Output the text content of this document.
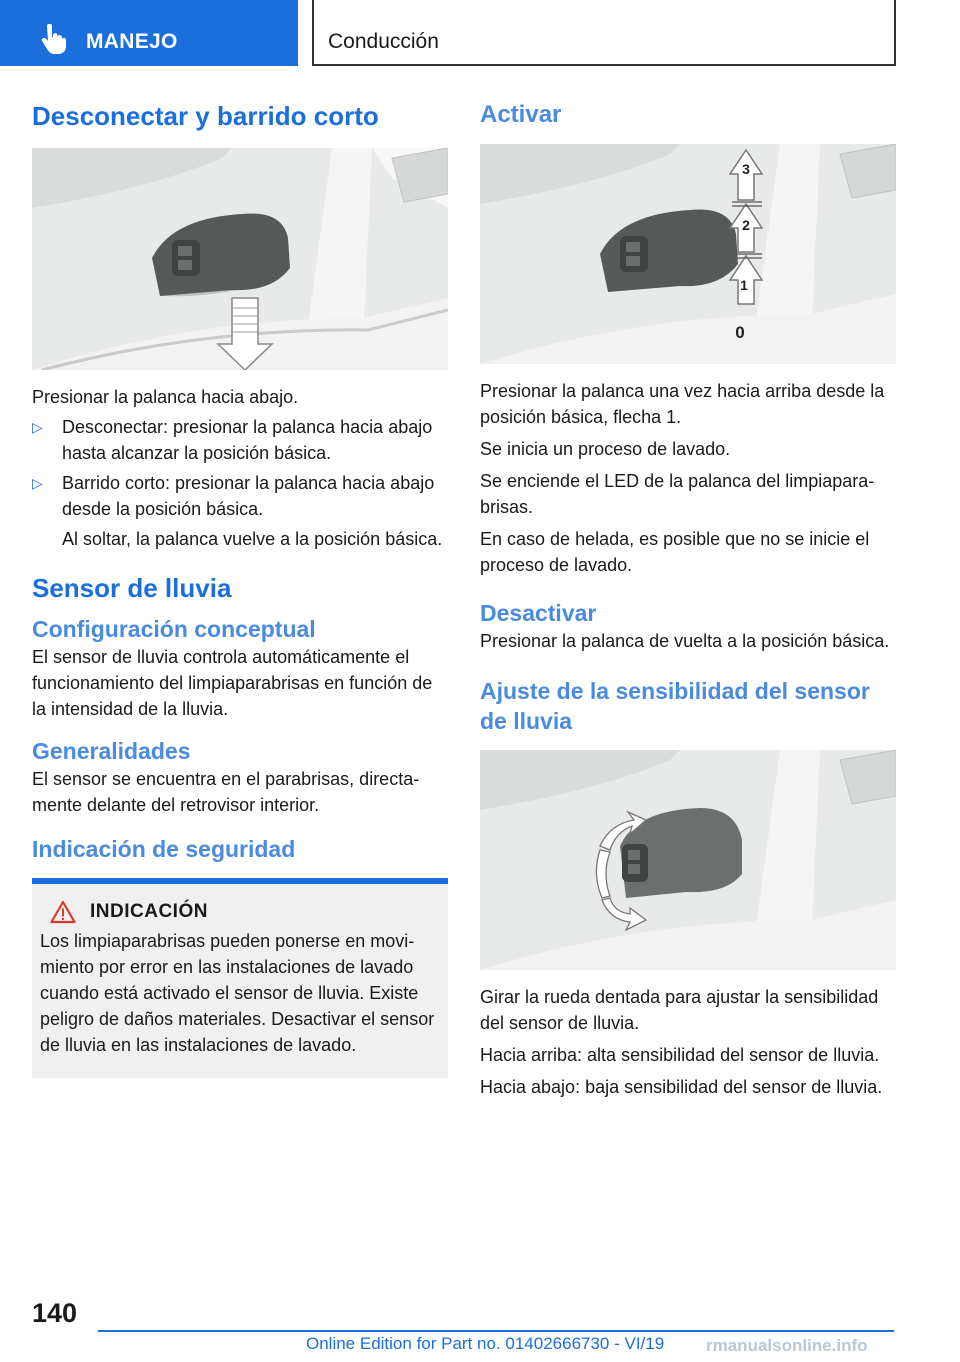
MANEJO	Conducción
Desconectar y barrido corto
Presionar la palanca hacia abajo.
▷ Desconectar: presionar la palanca hacia abajo hasta alcanzar la posición básica.
▷ Barrido corto: presionar la palanca hacia abajo desde la posición básica.
Al soltar, la palanca vuelve a la posición básica.
Sensor de lluvia
Configuración conceptual
El sensor de lluvia controla automáticamente el funcionamiento del limpiaparabrisas en función de la intensidad de la lluvia.
Generalidades
El sensor se encuentra en el parabrisas, directamente delante del retrovisor interior.
Indicación de seguridad
INDICACIÓN
Los limpiaparabrisas pueden ponerse en movimiento por error en las instalaciones de lavado cuando está activado el sensor de lluvia. Existe peligro de daños materiales. Desactivar el sensor de lluvia en las instalaciones de lavado.
Activar
3
2
1
0
Presionar la palanca una vez hacia arriba desde la posición básica, flecha 1.
Se inicia un proceso de lavado.
Se enciende el LED de la palanca del limpiaparabrisas.
En caso de helada, es posible que no se inicie el proceso de lavado.
Desactivar
Presionar la palanca de vuelta a la posición básica.
Ajuste de la sensibilidad del sensor de lluvia
Girar la rueda dentada para ajustar la sensibilidad del sensor de lluvia.
Hacia arriba: alta sensibilidad del sensor de lluvia.
Hacia abajo: baja sensibilidad del sensor de lluvia.
140
Online Edition for Part no. 01402666730 - VI/19 rmanualsonline.info
